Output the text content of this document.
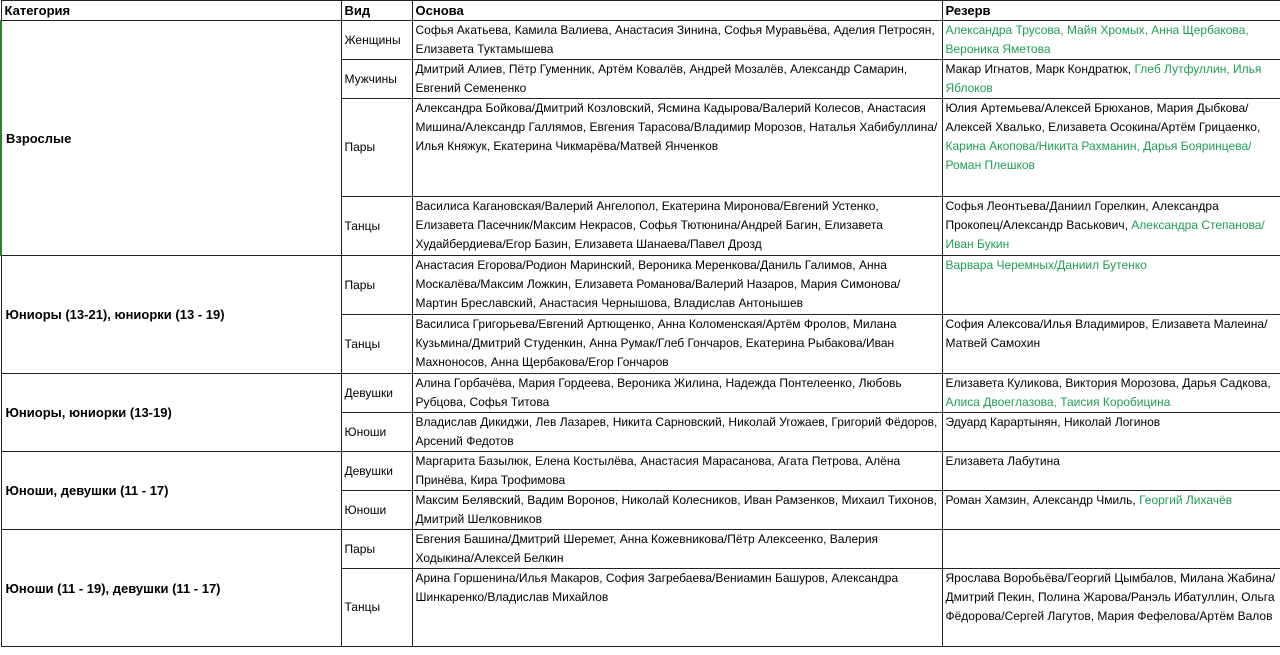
Категория	Вид	Основа	Резерв
Взрослые	Женщины	Софья Акатьева, Камила Валиева, Анастасия Зинина, Софья Муравьёва, Аделия Петросян, Елизавета Туктамышева	Александра Трусова, Майя Хромых, Анна Щербакова, Вероника Яметова
	Мужчины	Дмитрий Алиев, Пётр Гуменник, Артём Ковалёв, Андрей Мозалёв, Александр Самарин, Евгений Семененко	Макар Игнатов, Марк Кондратюк, Глеб Лутфуллин, Илья Яблоков
	Пары	Александра Бойкова/Дмитрий Козловский, Ясмина Кадырова/Валерий Колесов, Анастасия Мишина/Александр Галлямов, Евгения Тарасова/Владимир Морозов, Наталья Хабибуллина/Илья Княжук, Екатерина Чикмарёва/Матвей Янченков	Юлия Артемьева/Алексей Брюханов, Мария Дыбкова/Алексей Хвалько, Елизавета Осокина/Артём Грицаенко, Карина Акопова/Никита Рахманин, Дарья Бояринцева/Роман Плешков
	Танцы	Василиса Кагановская/Валерий Ангелопол, Екатерина Миронова/Евгений Устенко, Елизавета Пасечник/Максим Некрасов, Софья Тютюнина/Андрей Багин, Елизавета Худайбердиева/Егор Базин, Елизавета Шанаева/Павел Дрозд	Софья Леонтьева/Даниил Горелкин, Александра Прокопец/Александр Васькович, Александра Степанова/Иван Букин
Юниоры (13-21), юниорки (13 - 19)	Пары	Анастасия Егорова/Родион Маринский, Вероника Меренкова/Даниль Галимов, Анна Москалёва/Максим Ложкин, Елизавета Романова/Валерий Назаров, Мария Симонова/Мартин Бреславский, Анастасия Чернышова, Владислав Антонышев	Варвара Черемных/Даниил Бутенко
	Танцы	Василиса Григорьева/Евгений Артющенко, Анна Коломенская/Артём Фролов, Милана Кузьмина/Дмитрий Студенкин, Анна Румак/Глеб Гончаров, Екатерина Рыбакова/Иван Махноносов, Анна Щербакова/Егор Гончаров	София Алексова/Илья Владимиров, Елизавета Малеина/Матвей Самохин
Юниоры, юниорки (13-19)	Девушки	Алина Горбачёва, Мария Гордеева, Вероника Жилина, Надежда Понтелеенко, Любовь Рубцова, Софья Титова	Елизавета Куликова, Виктория Морозова, Дарья Садкова, Алиса Двоеглазова, Таисия Коробицина
	Юноши	Владислав Дикиджи, Лев Лазарев, Никита Сарновский, Николай Угожаев, Григорий Фёдоров, Арсений Федотов	Эдуард Карартынян, Николай Логинов
Юноши, девушки (11 - 17)	Девушки	Маргарита Базылюк, Елена Костылёва, Анастасия Марасанова, Агата Петрова, Алёна Принёва, Кира Трофимова	Елизавета Лабутина
	Юноши	Максим Белявский, Вадим Воронов, Николай Колесников, Иван Рамзенков, Михаил Тихонов, Дмитрий Шелковников	Роман Хамзин, Александр Чмиль, Георгий Лихачёв
Юноши (11 - 19), девушки (11 - 17)	Пары	Евгения Башина/Дмитрий Шеремет, Анна Кожевникова/Пётр Алексеенко, Валерия Ходыкина/Алексей Белкин	
	Танцы	Арина Горшенина/Илья Макаров, София Загребаева/Вениамин Башуров, Александра Шинкаренко/Владислав Михайлов	Ярослава Воробьёва/Георгий Цымбалов, Милана Жабина/Дмитрий Пекин, Полина Жарова/Ранэль Ибатуллин, Ольга Фёдорова/Сергей Лагутов, Мария Фефелова/Артём Валов
